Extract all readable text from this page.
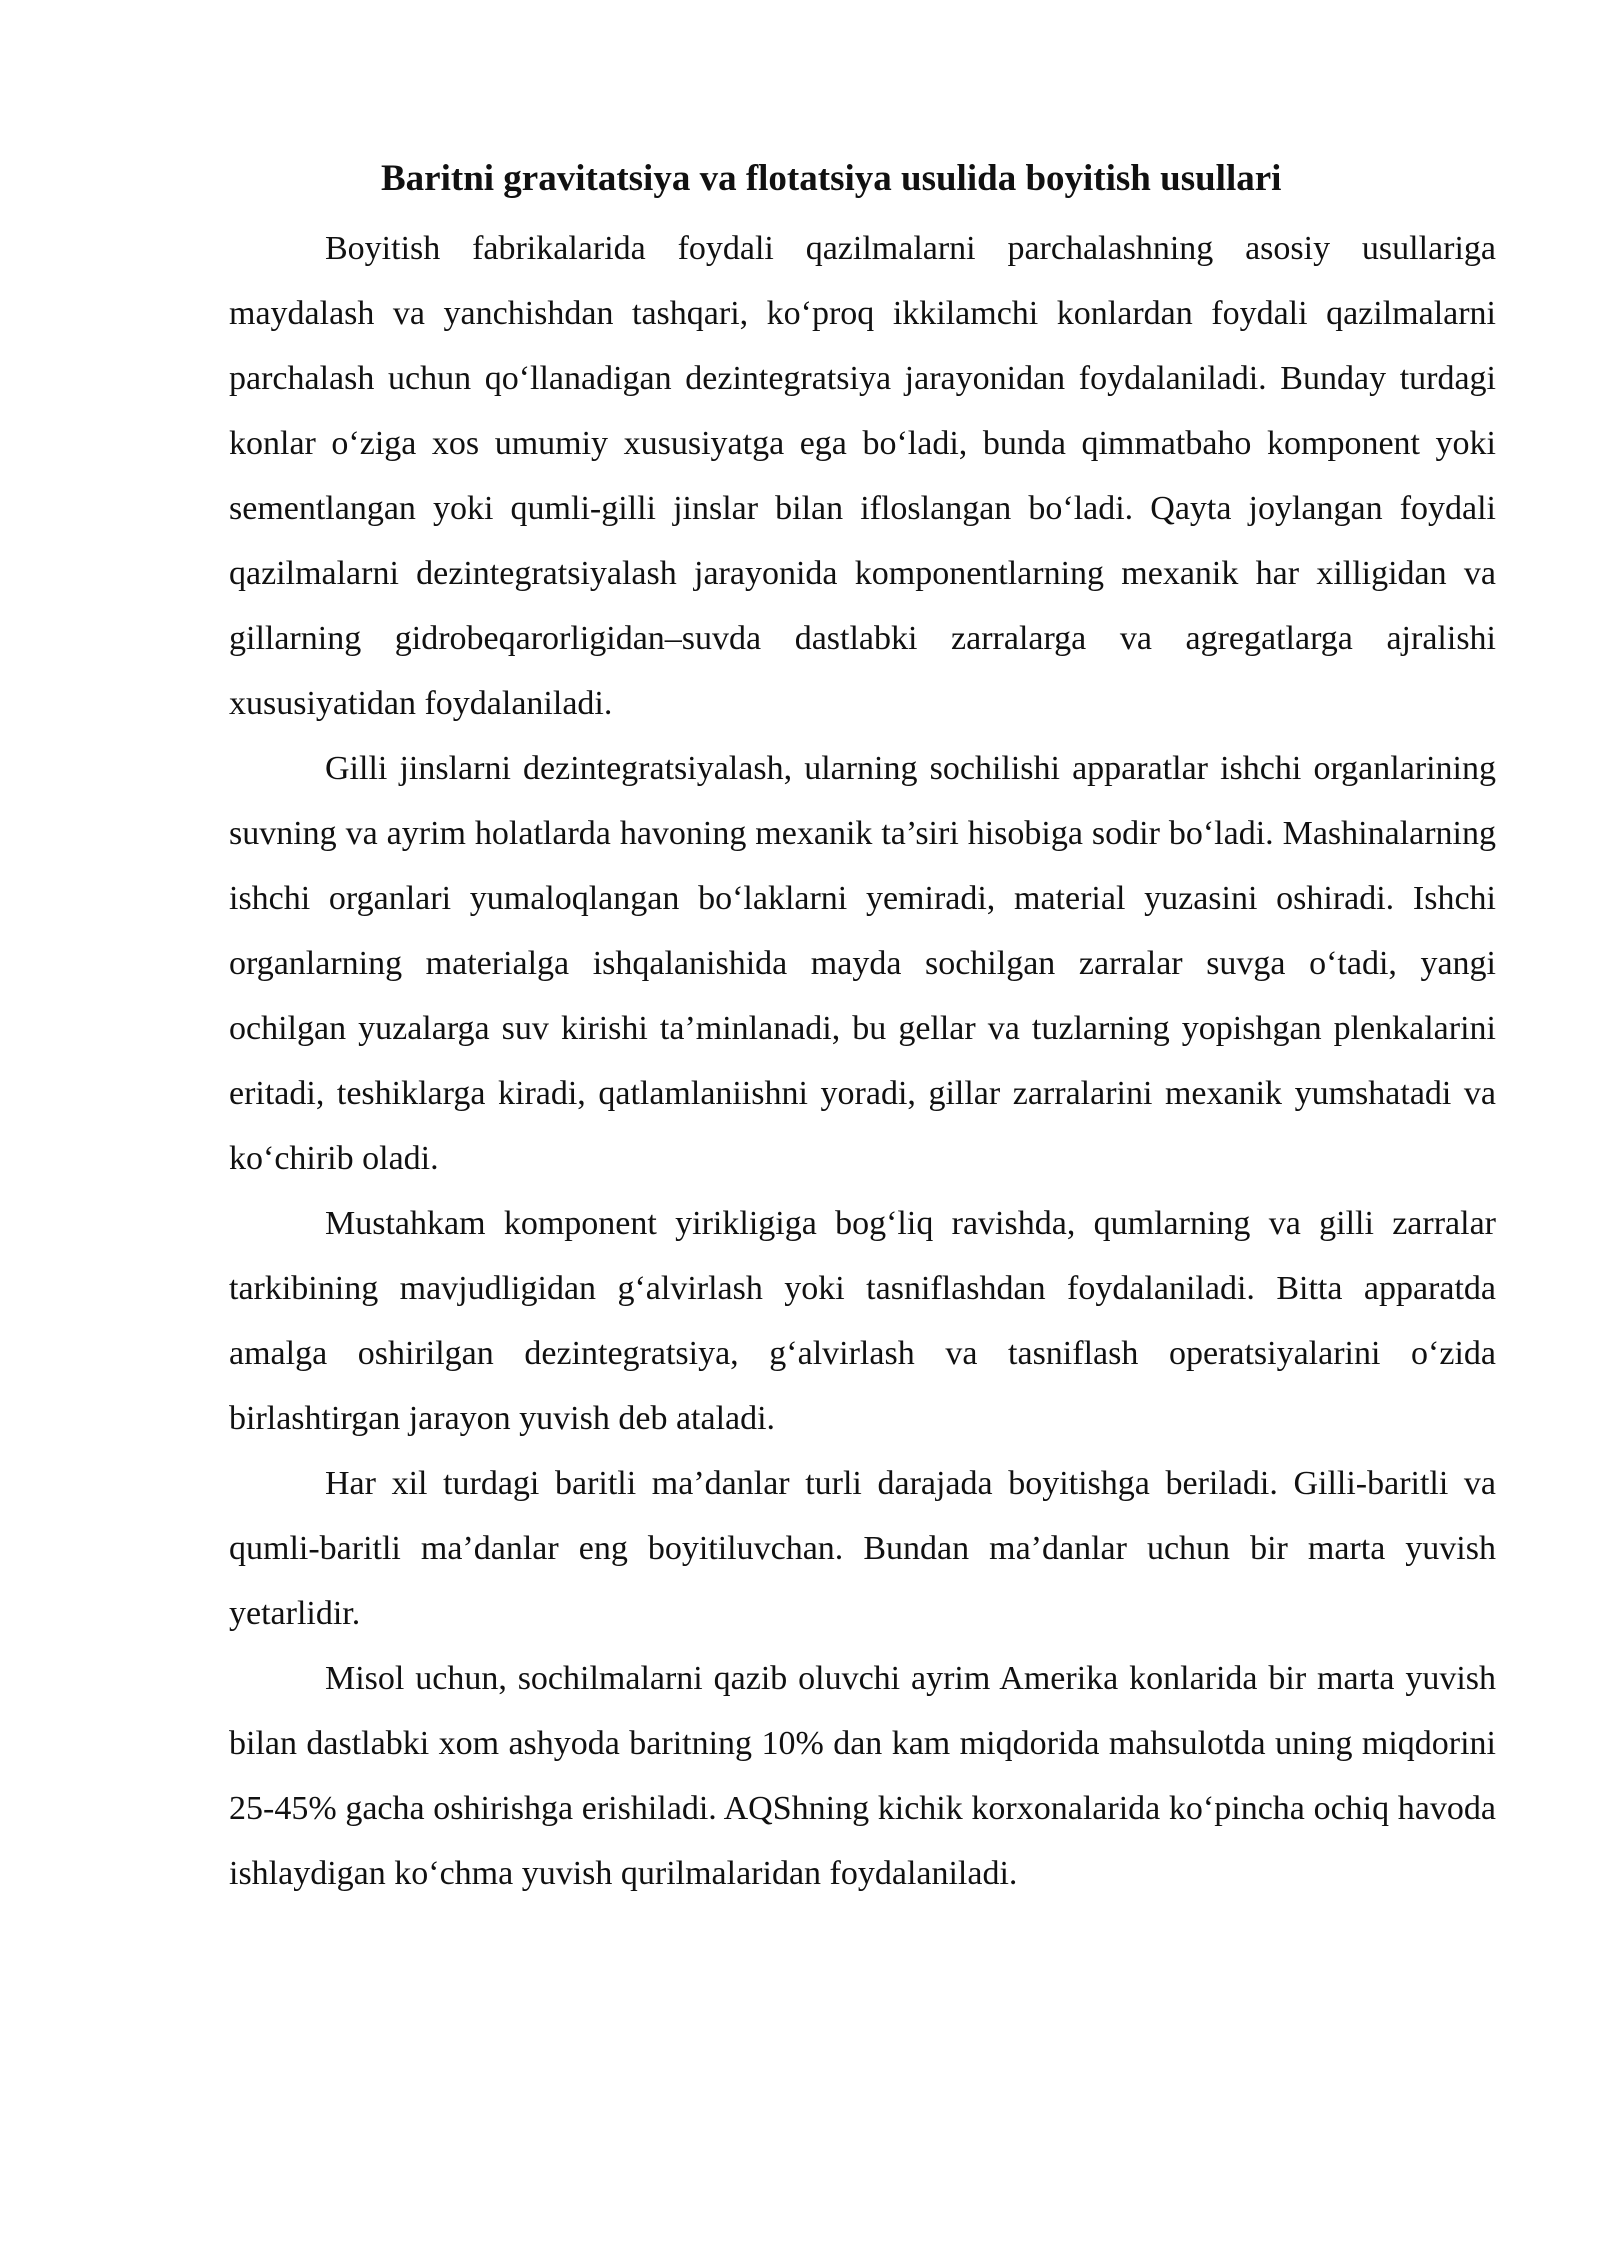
Baritni gravitatsiya va flotatsiya usulida boyitish usullari

Boyitish fabrikalarida foydali qazilmalarni parchalashning asosiy usullariga maydalash va yanchishdan tashqari, ko‘proq ikkilamchi konlardan foydali qazilmalarni parchalash uchun qo‘llanadigan dezintegratsiya jarayonidan foydalaniladi. Bunday turdagi konlar o‘ziga xos umumiy xususiyatga ega bo‘ladi, bunda qimmatbaho komponent yoki sementlangan yoki qumli-gilli jinslar bilan ifloslangan bo‘ladi. Qayta joylangan foydali qazilmalarni dezintegratsiyalash jarayonida komponentlarning mexanik har xilligidan va gillarning gidrobeqarorligidan–suvda dastlabki zarralarga va agregatlarga ajralishi xususiyatidan foydalaniladi.

Gilli jinslarni dezintegratsiyalash, ularning sochilishi apparatlar ishchi organlarining suvning va ayrim holatlarda havoning mexanik ta’siri hisobiga sodir bo‘ladi. Mashinalarning ishchi organlari yumaloqlangan bo‘laklarni yemiradi, material yuzasini oshiradi. Ishchi organlarning materialga ishqalanishida mayda sochilgan zarralar suvga o‘tadi, yangi ochilgan yuzalarga suv kirishi ta’minlanadi, bu gellar va tuzlarning yopishgan plenkalarini eritadi, teshiklarga kiradi, qatlamlaniishni yoradi, gillar zarralarini mexanik yumshatadi va ko‘chirib oladi.

Mustahkam komponent yirikligiga bog‘liq ravishda, qumlarning va gilli zarralar tarkibining mavjudligidan g‘alvirlash yoki tasniflashdan foydalaniladi. Bitta apparatda amalga oshirilgan dezintegratsiya, g‘alvirlash va tasniflash operatsiyalarini o‘zida birlashtirgan jarayon yuvish deb ataladi.

Har xil turdagi baritli ma’danlar turli darajada boyitishga beriladi. Gilli-baritli va qumli-baritli ma’danlar eng boyitiluvchan. Bundan ma’danlar uchun bir marta yuvish yetarlidir.

Misol uchun, sochilmalarni qazib oluvchi ayrim Amerika konlarida bir marta yuvish bilan dastlabki xom ashyoda baritning 10% dan kam miqdorida mahsulotda uning miqdorini 25-45% gacha oshirishga erishiladi. AQShning kichik korxonalarida ko‘pincha ochiq havoda ishlaydigan ko‘chma yuvish qurilmalaridan foydalaniladi.
